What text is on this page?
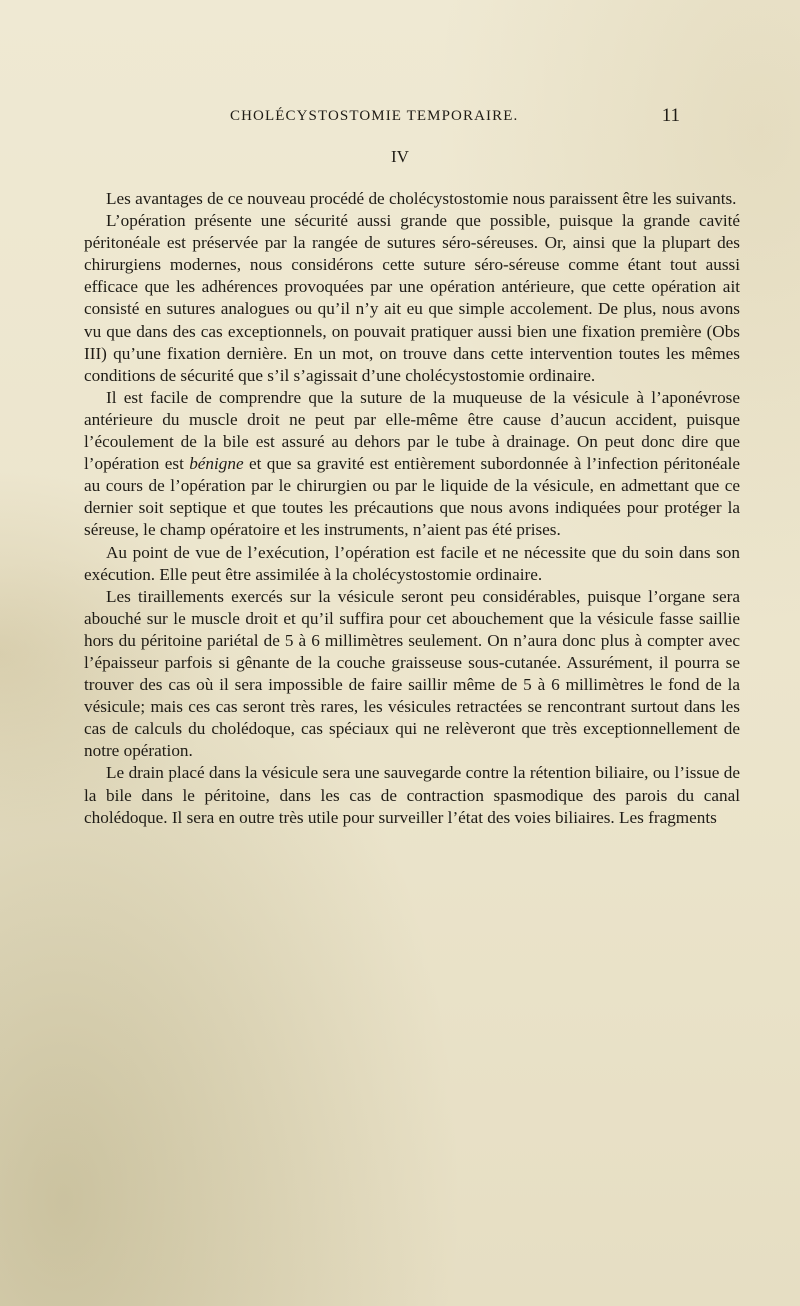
CHOLÉCYSTOSTOMIE TEMPORAIRE.	11
IV

Les avantages de ce nouveau procédé de cholécystostomie nous paraissent être les suivants.

L’opération présente une sécurité aussi grande que possible, puisque la grande cavité péritonéale est préservée par la rangée de sutures séro-séreuses. Or, ainsi que la plupart des chirurgiens modernes, nous considérons cette suture séro-séreuse comme étant tout aussi efficace que les adhérences provoquées par une opération antérieure, que cette opération ait consisté en sutures analogues ou qu’il n’y ait eu que simple accolement. De plus, nous avons vu que dans des cas exceptionnels, on pouvait pratiquer aussi bien une fixation première (Obs III) qu’une fixation dernière. En un mot, on trouve dans cette intervention toutes les mêmes conditions de sécurité que s’il s’agissait d’une cholécystostomie ordinaire.

Il est facile de comprendre que la suture de la muqueuse de la vésicule à l’aponévrose antérieure du muscle droit ne peut par elle-même être cause d’aucun accident, puisque l’écoulement de la bile est assuré au dehors par le tube à drainage. On peut donc dire que l’opération est bénigne et que sa gravité est entièrement subordonnée à l’infection péritonéale au cours de l’opération par le chirurgien ou par le liquide de la vésicule, en admettant que ce dernier soit septique et que toutes les précautions que nous avons indiquées pour protéger la séreuse, le champ opératoire et les instruments, n’aient pas été prises.

Au point de vue de l’exécution, l’opération est facile et ne nécessite que du soin dans son exécution. Elle peut être assimilée à la cholécystostomie ordinaire.

Les tiraillements exercés sur la vésicule seront peu considérables, puisque l’organe sera abouché sur le muscle droit et qu’il suffira pour cet abouchement que la vésicule fasse saillie hors du péritoine pariétal de 5 à 6 millimètres seulement. On n’aura donc plus à compter avec l’épaisseur parfois si gênante de la couche graisseuse sous-cutanée. Assurément, il pourra se trouver des cas où il sera impossible de faire saillir même de 5 à 6 millimètres le fond de la vésicule; mais ces cas seront très rares, les vésicules retractées se rencontrant surtout dans les cas de calculs du cholédoque, cas spéciaux qui ne relèveront que très exceptionnellement de notre opération.

Le drain placé dans la vésicule sera une sauvegarde contre la rétention biliaire, ou l’issue de la bile dans le péritoine, dans les cas de contraction spasmodique des parois du canal cholédoque. Il sera en outre très utile pour surveiller l’état des voies biliaires. Les fragments
